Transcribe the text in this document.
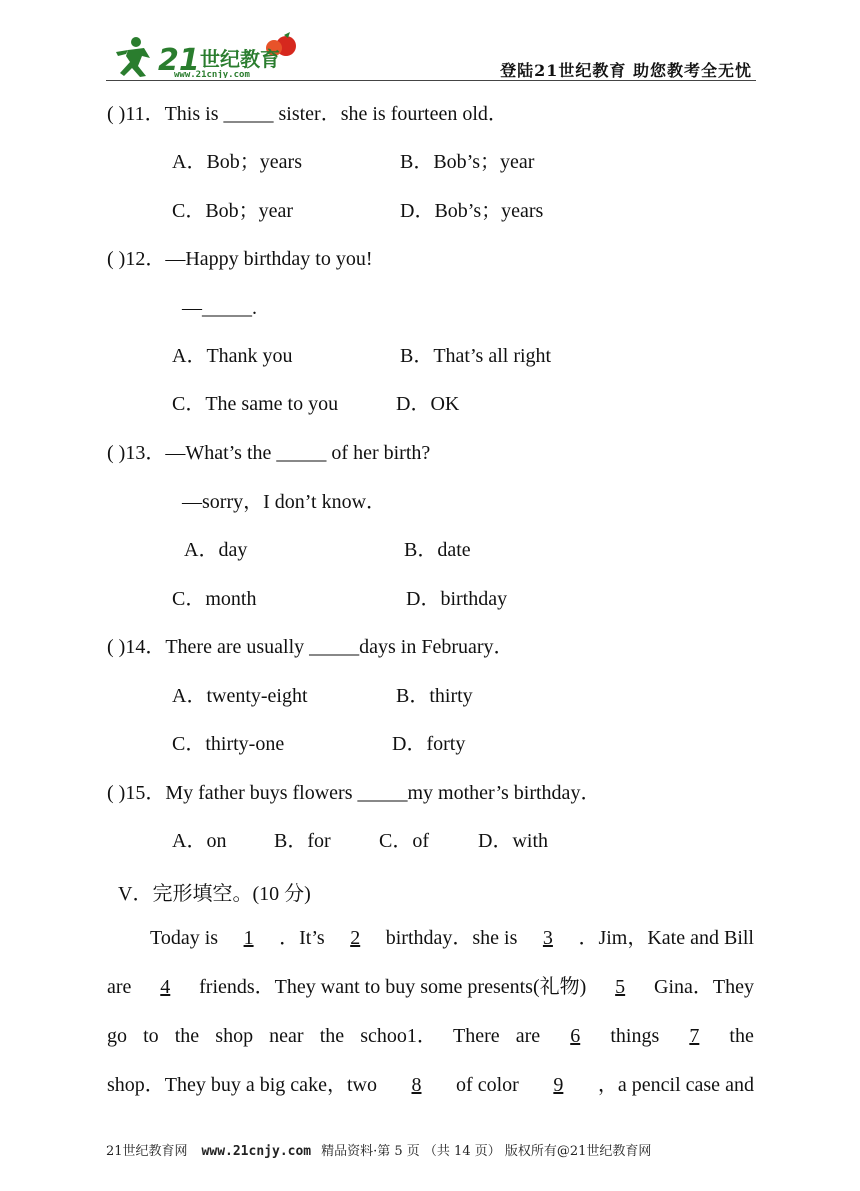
21 世纪教育
www.21cnjy.com	登陆21世纪教育 助您教考全无忧
( )11．This is _____ sister．she is fourteen old．
A．Bob；years	B．Bob’s；year
C．Bob；year	D．Bob’s；years
( )12．—Happy birthday to you!
—_____.
A．Thank you	B．That’s all right
C．The same to you	D．OK
( )13．—What’s the _____ of her birth?
—sorry，I don’t know．
A．day	B．date
C．month	D．birthday
( )14．There are usually _____days in February．
A．twenty-eight	B．thirty
C．thirty-one	D．forty
( )15．My father buys flowers _____my mother’s birthday．
A．on B．for C．of D．with
V．完形填空。(10 分)
Today is	1	．It’s	2	birthday．she is	3	．Jim，Kate and Bill
are	4	friends．They want to buy some presents(礼物)	5	Gina．They
go to the shop near the schoo1． There are	6	things	7	the
shop．They buy a big cake，two	8	of color	9	，a pencil case and
21世纪教育网 www.21cnjy.com 精品资料·第 5 页 （共 14 页） 版权所有@21世纪教育网
